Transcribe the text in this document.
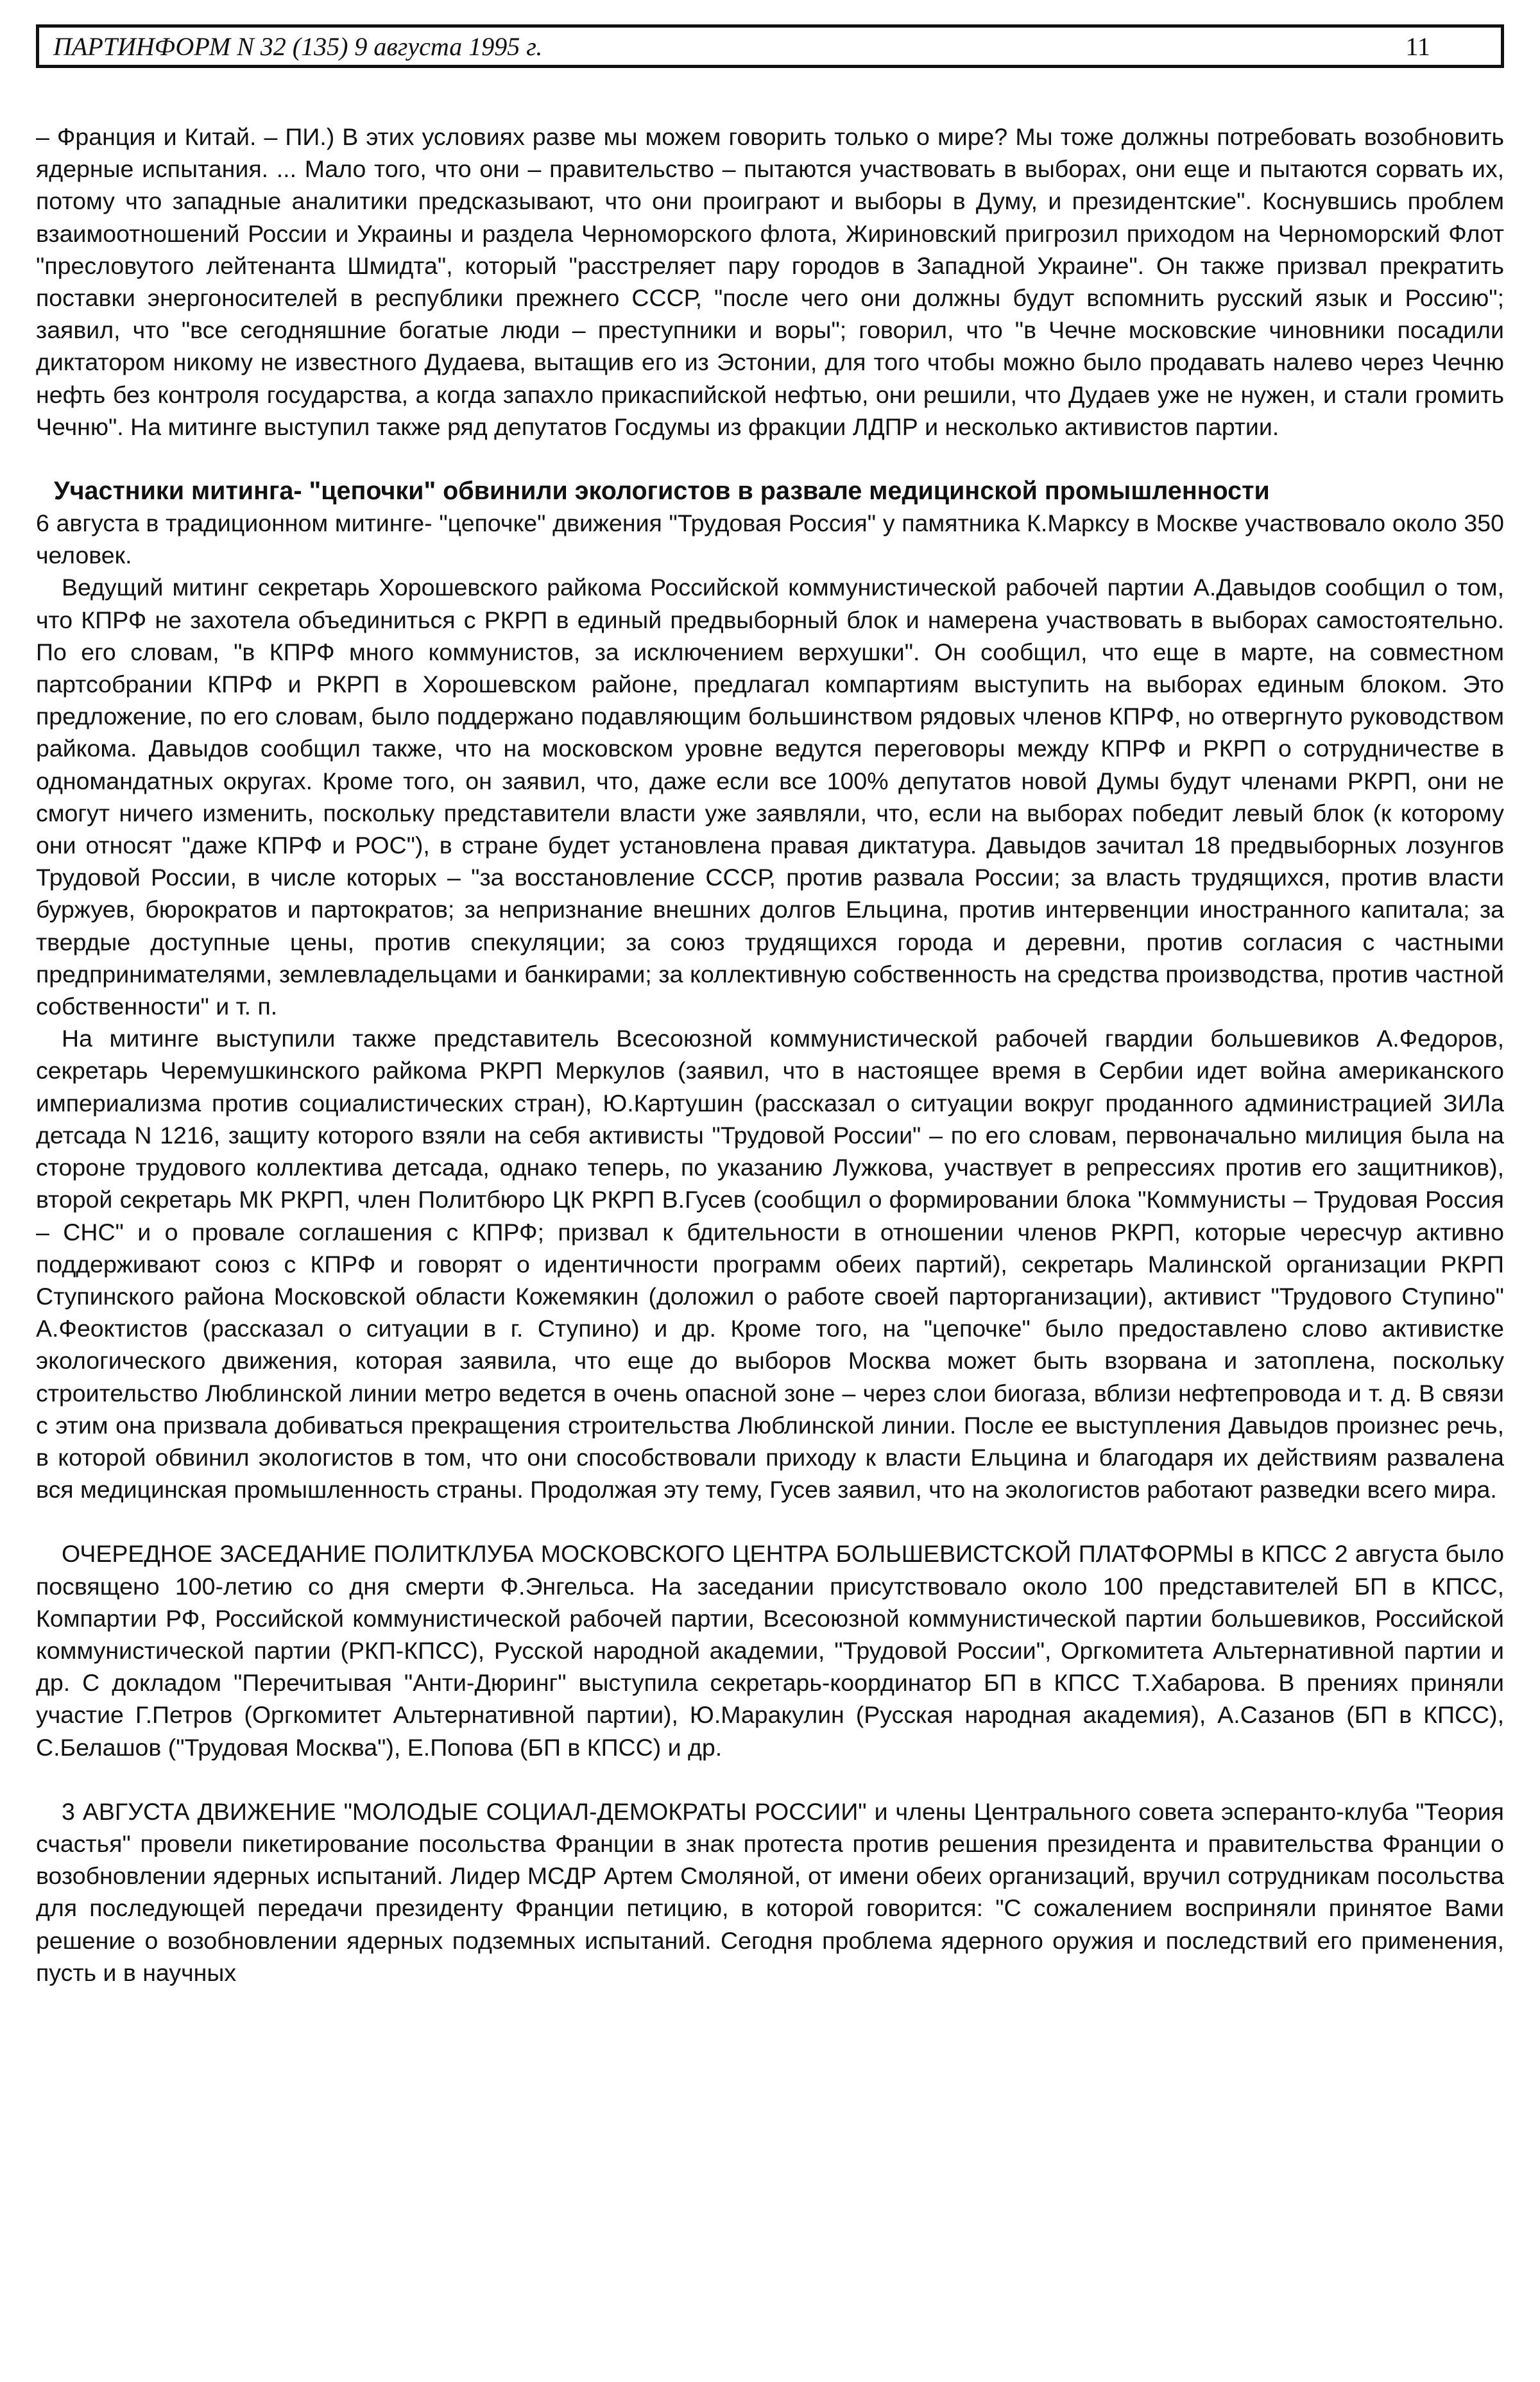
ПАРТИНФОРМ N 32 (135) 9 августа 1995 г.	11

– Франция и Китай. – ПИ.) В этих условиях разве мы можем говорить только о мире? Мы тоже должны потребовать возобновить ядерные испытания. ... Мало того, что они – правительство – пытаются участвовать в выборах, они еще и пытаются сорвать их, потому что западные аналитики предсказывают, что они проиграют и выборы в Думу, и президентские". Коснувшись проблем взаимоотношений России и Украины и раздела Черноморского флота, Жириновский пригрозил приходом на Черноморский Флот "пресловутого лейтенанта Шмидта", который "расстреляет пару городов в Западной Украине". Он также призвал прекратить поставки энергоносителей в республики прежнего СССР, "после чего они должны будут вспомнить русский язык и Россию"; заявил, что "все сегодняшние богатые люди – преступники и воры"; говорил, что "в Чечне московские чиновники посадили диктатором никому не известного Дудаева, вытащив его из Эстонии, для того чтобы можно было продавать налево через Чечню нефть без контроля государства, а когда запахло прикаспийской нефтью, они решили, что Дудаев уже не нужен, и стали громить Чечню". На митинге выступил также ряд депутатов Госдумы из фракции ЛДПР и несколько активистов партии.

Участники митинга- "цепочки" обвинили экологистов в развале медицинской промышленности

6 августа в традиционном митинге- "цепочке" движения "Трудовая Россия" у памятника К.Марксу в Москве участвовало около 350 человек.

Ведущий митинг секретарь Хорошевского райкома Российской коммунистической рабочей партии А.Давыдов сообщил о том, что КПРФ не захотела объединиться с РКРП в единый предвыборный блок и намерена участвовать в выборах самостоятельно. По его словам, "в КПРФ много коммунистов, за исключением верхушки". Он сообщил, что еще в марте, на совместном партсобрании КПРФ и РКРП в Хорошевском районе, предлагал компартиям выступить на выборах единым блоком. Это предложение, по его словам, было поддержано подавляющим большинством рядовых членов КПРФ, но отвергнуто руководством райкома. Давыдов сообщил также, что на московском уровне ведутся переговоры между КПРФ и РКРП о сотрудничестве в одномандатных округах. Кроме того, он заявил, что, даже если все 100% депутатов новой Думы будут членами РКРП, они не смогут ничего изменить, поскольку представители власти уже заявляли, что, если на выборах победит левый блок (к которому они относят "даже КПРФ и РОС"), в стране будет установлена правая диктатура. Давыдов зачитал 18 предвыборных лозунгов Трудовой России, в числе которых – "за восстановление СССР, против развала России; за власть трудящихся, против власти буржуев, бюрократов и партократов; за непризнание внешних долгов Ельцина, против интервенции иностранного капитала; за твердые доступные цены, против спекуляции; за союз трудящихся города и деревни, против согласия с частными предпринимателями, землевладельцами и банкирами; за коллективную собственность на средства производства, против частной собственности" и т. п.

На митинге выступили также представитель Всесоюзной коммунистической рабочей гвардии большевиков А.Федоров, секретарь Черемушкинского райкома РКРП Меркулов (заявил, что в настоящее время в Сербии идет война американского империализма против социалистических стран), Ю.Картушин (рассказал о ситуации вокруг проданного администрацией ЗИЛа детсада N 1216, защиту которого взяли на себя активисты "Трудовой России" – по его словам, первоначально милиция была на стороне трудового коллектива детсада, однако теперь, по указанию Лужкова, участвует в репрессиях против его защитников), второй секретарь МК РКРП, член Политбюро ЦК РКРП В.Гусев (сообщил о формировании блока "Коммунисты – Трудовая Россия – СНС" и о провале соглашения с КПРФ; призвал к бдительности в отношении членов РКРП, которые чересчур активно поддерживают союз с КПРФ и говорят о идентичности программ обеих партий), секретарь Малинской организации РКРП Ступинского района Московской области Кожемякин (доложил о работе своей парторганизации), активист "Трудового Ступино" А.Феоктистов (рассказал о ситуации в г. Ступино) и др. Кроме того, на "цепочке" было предоставлено слово активистке экологического движения, которая заявила, что еще до выборов Москва может быть взорвана и затоплена, поскольку строительство Люблинской линии метро ведется в очень опасной зоне – через слои биогаза, вблизи нефтепровода и т. д. В связи с этим она призвала добиваться прекращения строительства Люблинской линии. После ее выступления Давыдов произнес речь, в которой обвинил экологистов в том, что они способствовали приходу к власти Ельцина и благодаря их действиям развалена вся медицинская промышленность страны. Продолжая эту тему, Гусев заявил, что на экологистов работают разведки всего мира.

ОЧЕРЕДНОЕ ЗАСЕДАНИЕ ПОЛИТКЛУБА МОСКОВСКОГО ЦЕНТРА БОЛЬШЕВИСТСКОЙ ПЛАТФОРМЫ в КПСС 2 августа было посвящено 100-летию со дня смерти Ф.Энгельса. На заседании присутствовало около 100 представителей БП в КПСС, Компартии РФ, Российской коммунистической рабочей партии, Всесоюзной коммунистической партии большевиков, Российской коммунистической партии (РКП-КПСС), Русской народной академии, "Трудовой России", Оргкомитета Альтернативной партии и др. С докладом "Перечитывая "Анти-Дюринг" выступила секретарь-координатор БП в КПСС Т.Хабарова. В прениях приняли участие Г.Петров (Оргкомитет Альтернативной партии), Ю.Маракулин (Русская народная академия), А.Сазанов (БП в КПСС), С.Белашов ("Трудовая Москва"), Е.Попова (БП в КПСС) и др.

3 АВГУСТА ДВИЖЕНИЕ "МОЛОДЫЕ СОЦИАЛ-ДЕМОКРАТЫ РОССИИ" и члены Центрального совета эсперанто-клуба "Теория счастья" провели пикетирование посольства Франции в знак протеста против решения президента и правительства Франции о возобновлении ядерных испытаний. Лидер МСДР Артем Смоляной, от имени обеих организаций, вручил сотрудникам посольства для последующей передачи президенту Франции петицию, в которой говорится: "С сожалением восприняли принятое Вами решение о возобновлении ядерных подземных испытаний. Сегодня проблема ядерного оружия и последствий его применения, пусть и в научных
